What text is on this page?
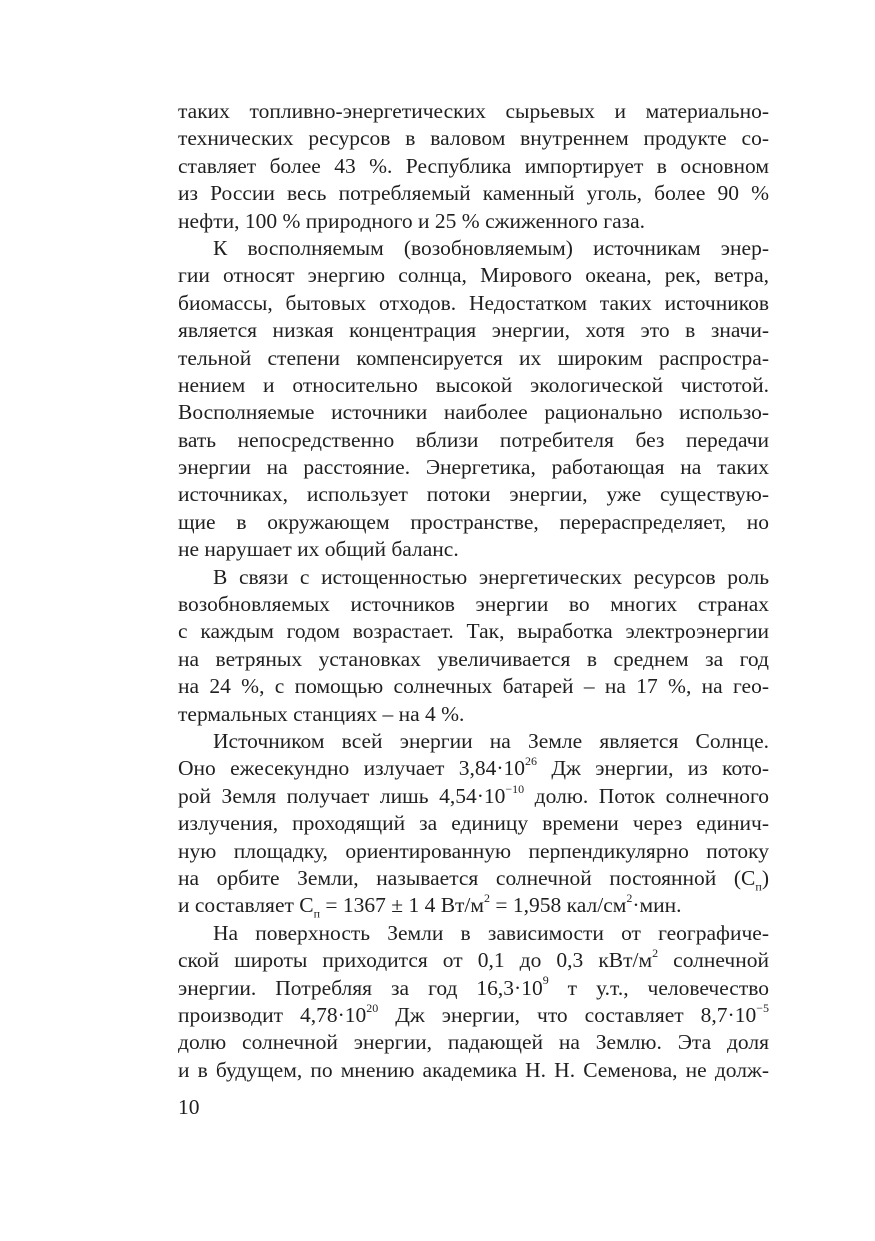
таких топливно-энергетических сырьевых и материально-
технических ресурсов в валовом внутреннем продукте со-
ставляет более 43 %. Республика импортирует в основном
из России весь потребляемый каменный уголь, более 90 %
нефти, 100 % природного и 25 % сжиженного газа.
К восполняемым (возобновляемым) источникам энер-
гии относят энергию солнца, Мирового океана, рек, ветра,
биомассы, бытовых отходов. Недостатком таких источников
является низкая концентрация энергии, хотя это в значи-
тельной степени компенсируется их широким распростра-
нением и относительно высокой экологической чистотой.
Восполняемые источники наиболее рационально использо-
вать непосредственно вблизи потребителя без передачи
энергии на расстояние. Энергетика, работающая на таких
источниках, использует потоки энергии, уже существую-
щие в окружающем пространстве, перераспределяет, но
не нарушает их общий баланс.
В связи с истощенностью энергетических ресурсов роль
возобновляемых источников энергии во многих странах
с каждым годом возрастает. Так, выработка электроэнергии
на ветряных установках увеличивается в среднем за год
на 24 %, с помощью солнечных батарей – на 17 %, на гео-
термальных станциях – на 4 %.
Источником всей энергии на Земле является Солнце.
Оно ежесекундно излучает $3,84\cdot 10^{26}$ Дж энергии, из кото-
рой Земля получает лишь $4,54\cdot 10^{-10}$ долю. Поток солнечного
излучения, проходящий за единицу времени через единич-
ную площадку, ориентированную перпендикулярно потоку
на орбите Земли, называется солнечной постоянной $(С_п)$
и составляет $С_п = 1367 \pm 1$ 4 $Вт/м^2 = 1,958$ кал/$см^2\cdot мин$.
На поверхность Земли в зависимости от географиче-
ской широты приходится от 0,1 до 0,3 кВт/$м^2$ солнечной
энергии. Потребляя за год $16,3\cdot 10^9$ т у.т., человечество
производит $4,78\cdot 10^{20}$ Дж энергии, что составляет $8,7\cdot 10^{-5}$
долю солнечной энергии, падающей на Землю. Эта доля
и в будущем, по мнению академика Н. Н. Семенова, не долж-
10
